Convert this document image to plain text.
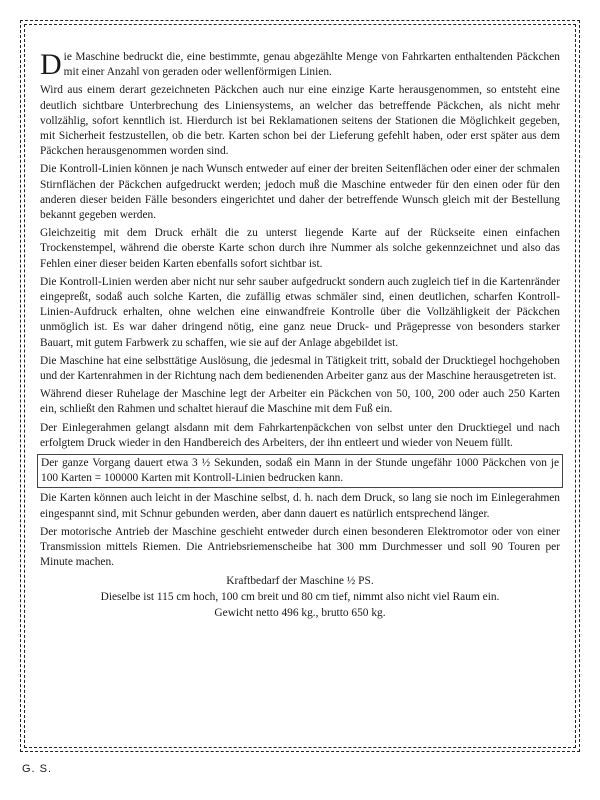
Die Maschine bedruckt die, eine bestimmte, genau abgezählte Menge von Fahrkarten enthaltenden Päckchen mit einer Anzahl von geraden oder wellenförmigen Linien.

Wird aus einem derart gezeichneten Päckchen auch nur eine einzige Karte herausgenommen, so entsteht eine deutlich sichtbare Unterbrechung des Liniensystems, an welcher das betreffende Päckchen, als nicht mehr vollzählig, sofort kenntlich ist. Hierdurch ist bei Reklamationen seitens der Stationen die Möglichkeit gegeben, mit Sicherheit festzustellen, ob die betr. Karten schon bei der Lieferung gefehlt haben, oder erst später aus dem Päckchen herausgenommen worden sind.

Die Kontroll-Linien können je nach Wunsch entweder auf einer der breiten Seitenflächen oder einer der schmalen Stirnflächen der Päckchen aufgedruckt werden; jedoch muß die Maschine entweder für den einen oder für den anderen dieser beiden Fälle besonders eingerichtet und daher der betreffende Wunsch gleich mit der Bestellung bekannt gegeben werden.

Gleichzeitig mit dem Druck erhält die zu unterst liegende Karte auf der Rückseite einen einfachen Trockenstempel, während die oberste Karte schon durch ihre Nummer als solche gekennzeichnet und also das Fehlen einer dieser beiden Karten ebenfalls sofort sichtbar ist.

Die Kontroll-Linien werden aber nicht nur sehr sauber aufgedruckt sondern auch zugleich tief in die Kartenränder eingepreßt, sodaß auch solche Karten, die zufällig etwas schmäler sind, einen deutlichen, scharfen Kontroll-Linien-Aufdruck erhalten, ohne welchen eine einwandfreie Kontrolle über die Vollzähligkeit der Päckchen unmöglich ist. Es war daher dringend nötig, eine ganz neue Druck- und Prägepresse von besonders starker Bauart, mit gutem Farbwerk zu schaffen, wie sie auf der Anlage abgebildet ist.

Die Maschine hat eine selbsttätige Auslösung, die jedesmal in Tätigkeit tritt, sobald der Drucktiegel hochgehoben und der Kartenrahmen in der Richtung nach dem bedienenden Arbeiter ganz aus der Maschine herausgetreten ist.

Während dieser Ruhelage der Maschine legt der Arbeiter ein Päckchen von 50, 100, 200 oder auch 250 Karten ein, schließt den Rahmen und schaltet hierauf die Maschine mit dem Fuß ein.

Der Einlegerahmen gelangt alsdann mit dem Fahrkartenpäckchen von selbst unter den Drucktiegel und nach erfolgtem Druck wieder in den Handbereich des Arbeiters, der ihn entleert und wieder von Neuem füllt.

Der ganze Vorgang dauert etwa 3 ½ Sekunden, sodaß ein Mann in der Stunde ungefähr 1000 Päckchen von je 100 Karten = 100000 Karten mit Kontroll-Linien bedrucken kann.

Die Karten können auch leicht in der Maschine selbst, d. h. nach dem Druck, so lang sie noch im Einlegerahmen eingespannt sind, mit Schnur gebunden werden, aber dann dauert es natürlich entsprechend länger.

Der motorische Antrieb der Maschine geschieht entweder durch einen besonderen Elektromotor oder von einer Transmission mittels Riemen. Die Antriebsriemenscheibe hat 300 mm Durchmesser und soll 90 Touren per Minute machen.

Kraftbedarf der Maschine ½ PS.

Dieselbe ist 115 cm hoch, 100 cm breit und 80 cm tief, nimmt also nicht viel Raum ein.

Gewicht netto 496 kg., brutto 650 kg.

G. S.
